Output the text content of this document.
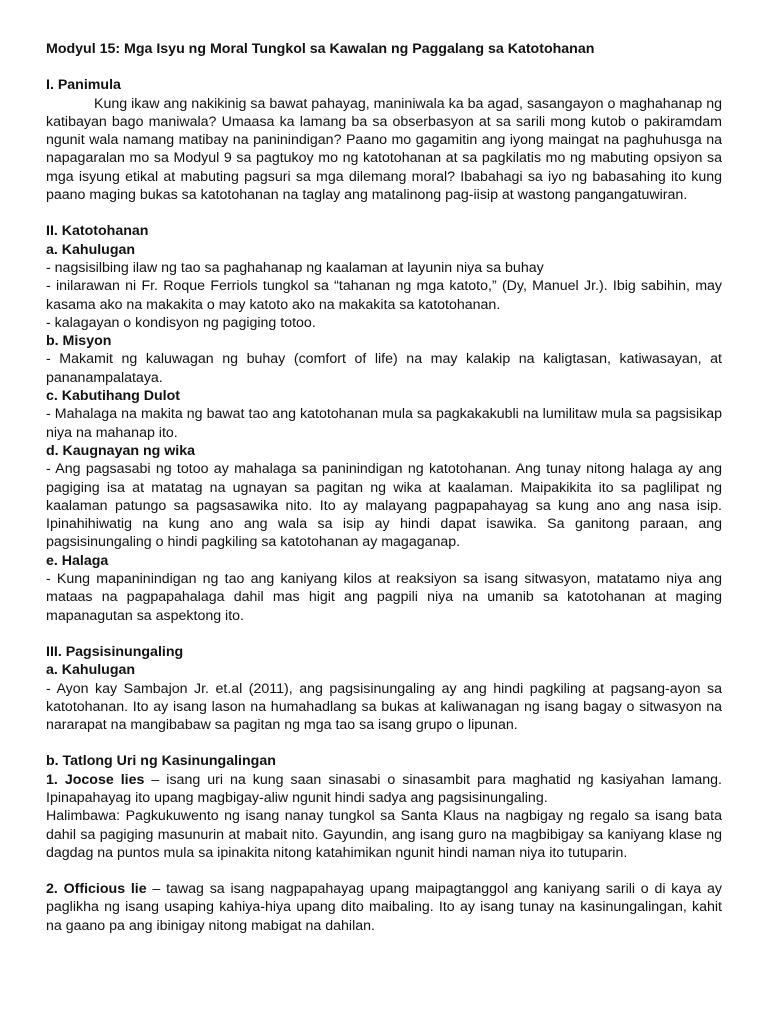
Modyul 15: Mga Isyu ng Moral Tungkol sa Kawalan ng Paggalang sa Katotohanan
I. Panimula

Kung ikaw ang nakikinig sa bawat pahayag, maniniwala ka ba agad, sasangayon o maghahanap ng katibayan bago maniwala? Umaasa ka lamang ba sa obserbasyon at sa sarili mong kutob o pakiramdam ngunit wala namang matibay na paninindigan? Paano mo gagamitin ang iyong maingat na paghuhusga na napagaralan mo sa Modyul 9 sa pagtukoy mo ng katotohanan at sa pagkilatis mo ng mabuting opsiyon sa mga isyung etikal at mabuting pagsuri sa mga dilemang moral? Ibabahagi sa iyo ng babasahing ito kung paano maging bukas sa katotohanan na taglay ang matalinong pag-iisip at wastong pangangatuwiran.

II. Katotohanan
a. Kahulugan

- nagsisilbing ilaw ng tao sa paghahanap ng kaalaman at layunin niya sa buhay

- inilarawan ni Fr. Roque Ferriols tungkol sa “tahanan ng mga katoto,” (Dy, Manuel Jr.). Ibig sabihin, may kasama ako na makakita o may katoto ako na makakita sa katotohanan.

- kalagayan o kondisyon ng pagiging totoo.

b. Misyon

- Makamit ng kaluwagan ng buhay (comfort of life) na may kalakip na kaligtasan, katiwasayan, at pananampalataya.

c. Kabutihang Dulot

- Mahalaga na makita ng bawat tao ang katotohanan mula sa pagkakakubli na lumilitaw mula sa pagsisikap niya na mahanap ito.

d. Kaugnayan ng wika

- Ang pagsasabi ng totoo ay mahalaga sa paninindigan ng katotohanan. Ang tunay nitong halaga ay ang pagiging isa at matatag na ugnayan sa pagitan ng wika at kaalaman. Maipakikita ito sa paglilipat ng kaalaman patungo sa pagsasawika nito. Ito ay malayang pagpapahayag sa kung ano ang nasa isip. Ipinahihiwatig na kung ano ang wala sa isip ay hindi dapat isawika. Sa ganitong paraan, ang pagsisinungaling o hindi pagkiling sa katotohanan ay magaganap.

e. Halaga

- Kung mapaninindigan ng tao ang kaniyang kilos at reaksiyon sa isang sitwasyon, matatamo niya ang mataas na pagpapahalaga dahil mas higit ang pagpili niya na umanib sa katotohanan at maging mapanagutan sa aspektong ito.

III. Pagsisinungaling
a. Kahulugan

- Ayon kay Sambajon Jr. et.al (2011), ang pagsisinungaling ay ang hindi pagkiling at pagsang-ayon sa katotohanan. Ito ay isang lason na humahadlang sa bukas at kaliwanagan ng isang bagay o sitwasyon na nararapat na mangibabaw sa pagitan ng mga tao sa isang grupo o lipunan.

b. Tatlong Uri ng Kasinungalingan

1. Jocose lies – isang uri na kung saan sinasabi o sinasambit para maghatid ng kasiyahan lamang. Ipinapahayag ito upang magbigay-aliw ngunit hindi sadya ang pagsisinungaling.

Halimbawa: Pagkukuwento ng isang nanay tungkol sa Santa Klaus na nagbigay ng regalo sa isang bata dahil sa pagiging masunurin at mabait nito. Gayundin, ang isang guro na magbibigay sa kaniyang klase ng dagdag na puntos mula sa ipinakita nitong katahimikan ngunit hindi naman niya ito tutuparin.

2. Officious lie – tawag sa isang nagpapahayag upang maipagtanggol ang kaniyang sarili o di kaya ay paglikha ng isang usaping kahiya-hiya upang dito maibaling. Ito ay isang tunay na kasinungalingan, kahit na gaano pa ang ibinigay nitong mabigat na dahilan.
